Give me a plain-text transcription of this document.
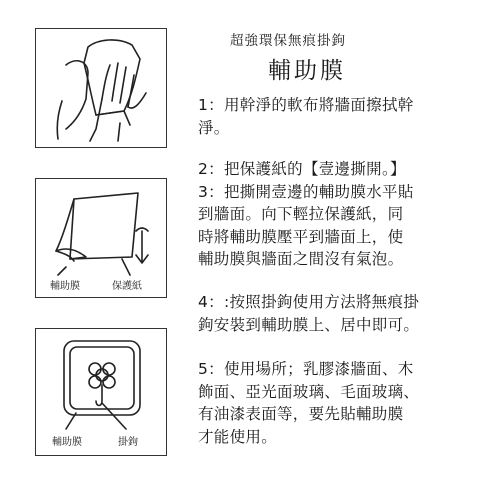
輔助膜	保護紙
輔助膜	掛鉤
超強環保無痕掛鉤
輔助膜
1：用幹淨的軟布將牆面擦拭幹
淨。
2：把保護紙的【壹邊撕開。】
3：把撕開壹邊的輔助膜水平貼
到牆面。向下輕拉保護紙，同
時將輔助膜壓平到牆面上，使
輔助膜與牆面之間沒有氣泡。
4：:按照掛鉤使用方法將無痕掛
鉤安裝到輔助膜上、居中即可。
5：使用場所；乳膠漆牆面、木
飾面、亞光面玻璃、毛面玻璃、
有油漆表面等，要先貼輔助膜
才能使用。
